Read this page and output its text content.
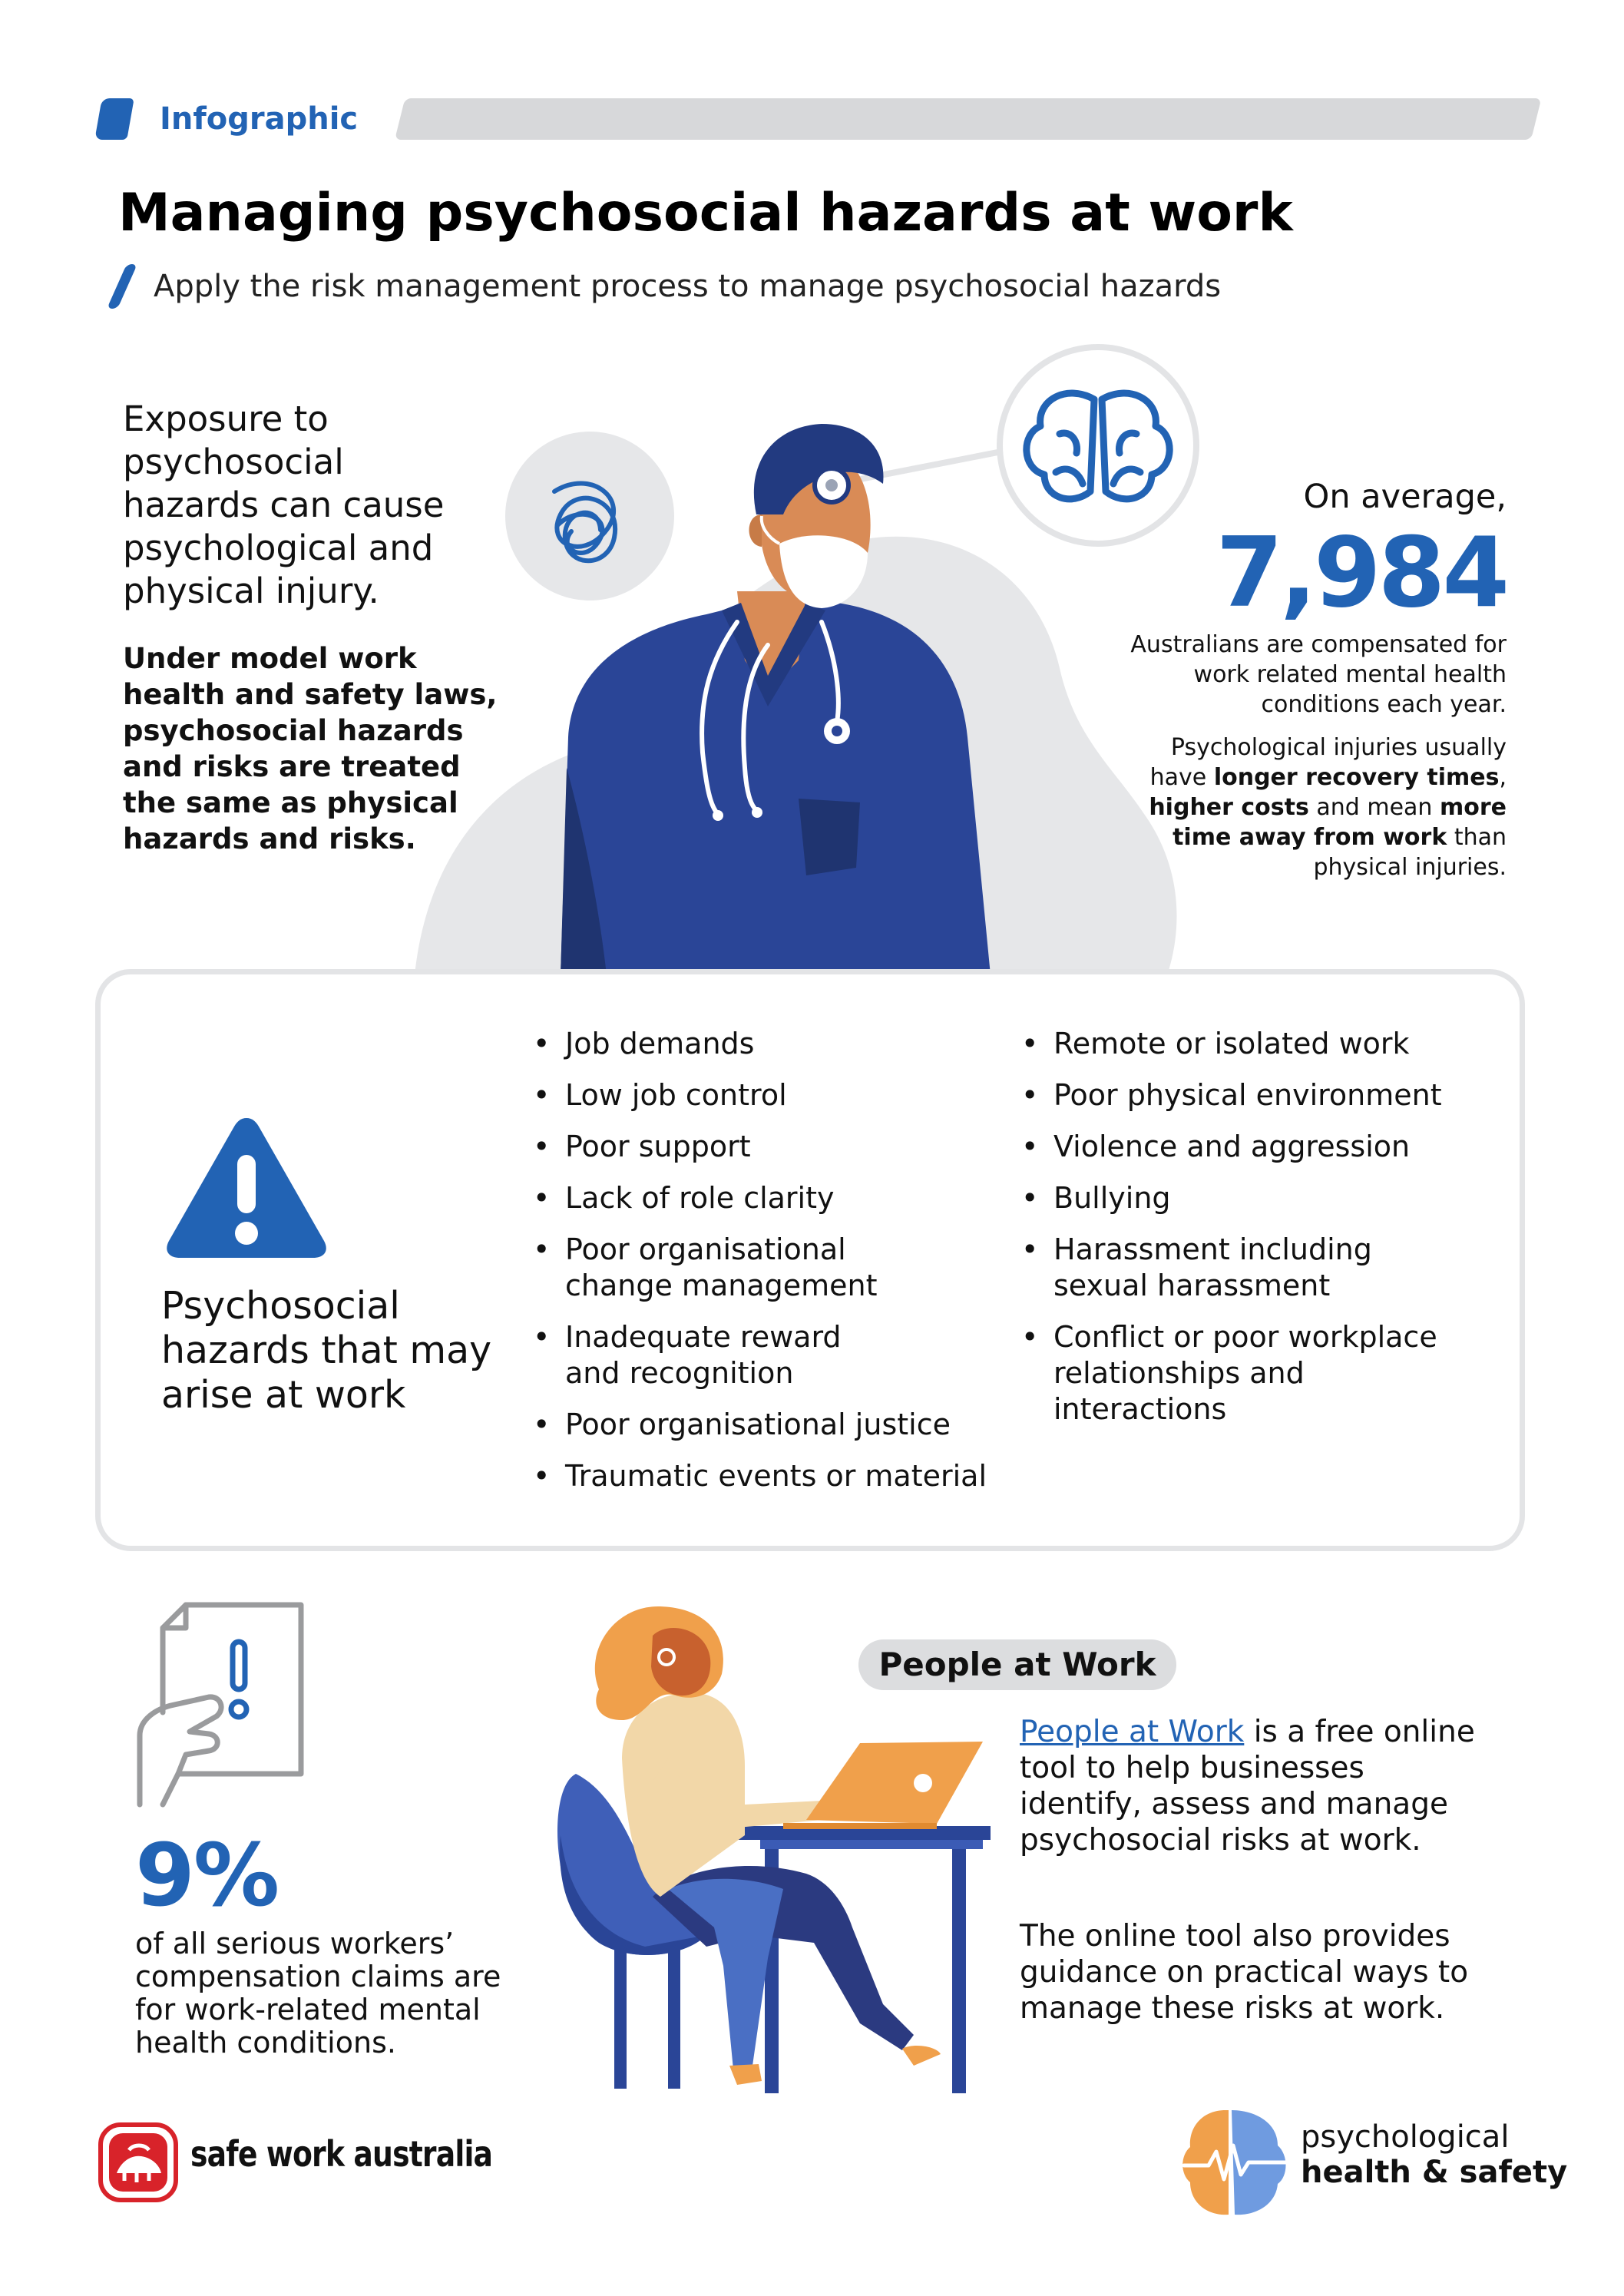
Infographic
Managing psychosocial hazards at work
Apply the risk management process to manage psychosocial hazards
Exposure to psychosocial hazards can cause psychological and physical injury.
Under model work health and safety laws, psychosocial hazards and risks are treated the same as physical hazards and risks.
On average,
7,984
Australians are compensated for work related mental health conditions each year.
Psychological injuries usually have longer recovery times, higher costs and mean more time away from work than physical injuries.
Psychosocial hazards that may arise at work
• Job demands
• Low job control
• Poor support
• Lack of role clarity
• Poor organisational change management
• Inadequate reward and recognition
• Poor organisational justice
• Traumatic events or material
• Remote or isolated work
• Poor physical environment
• Violence and aggression
• Bullying
• Harassment including sexual harassment
• Conflict or poor workplace relationships and interactions
9%
of all serious workers’ compensation claims are for work-related mental health conditions.
People at Work
People at Work is a free online tool to help businesses identify, assess and manage psychosocial risks at work.
The online tool also provides guidance on practical ways to manage these risks at work.
safe work australia	psychological
health & safety
